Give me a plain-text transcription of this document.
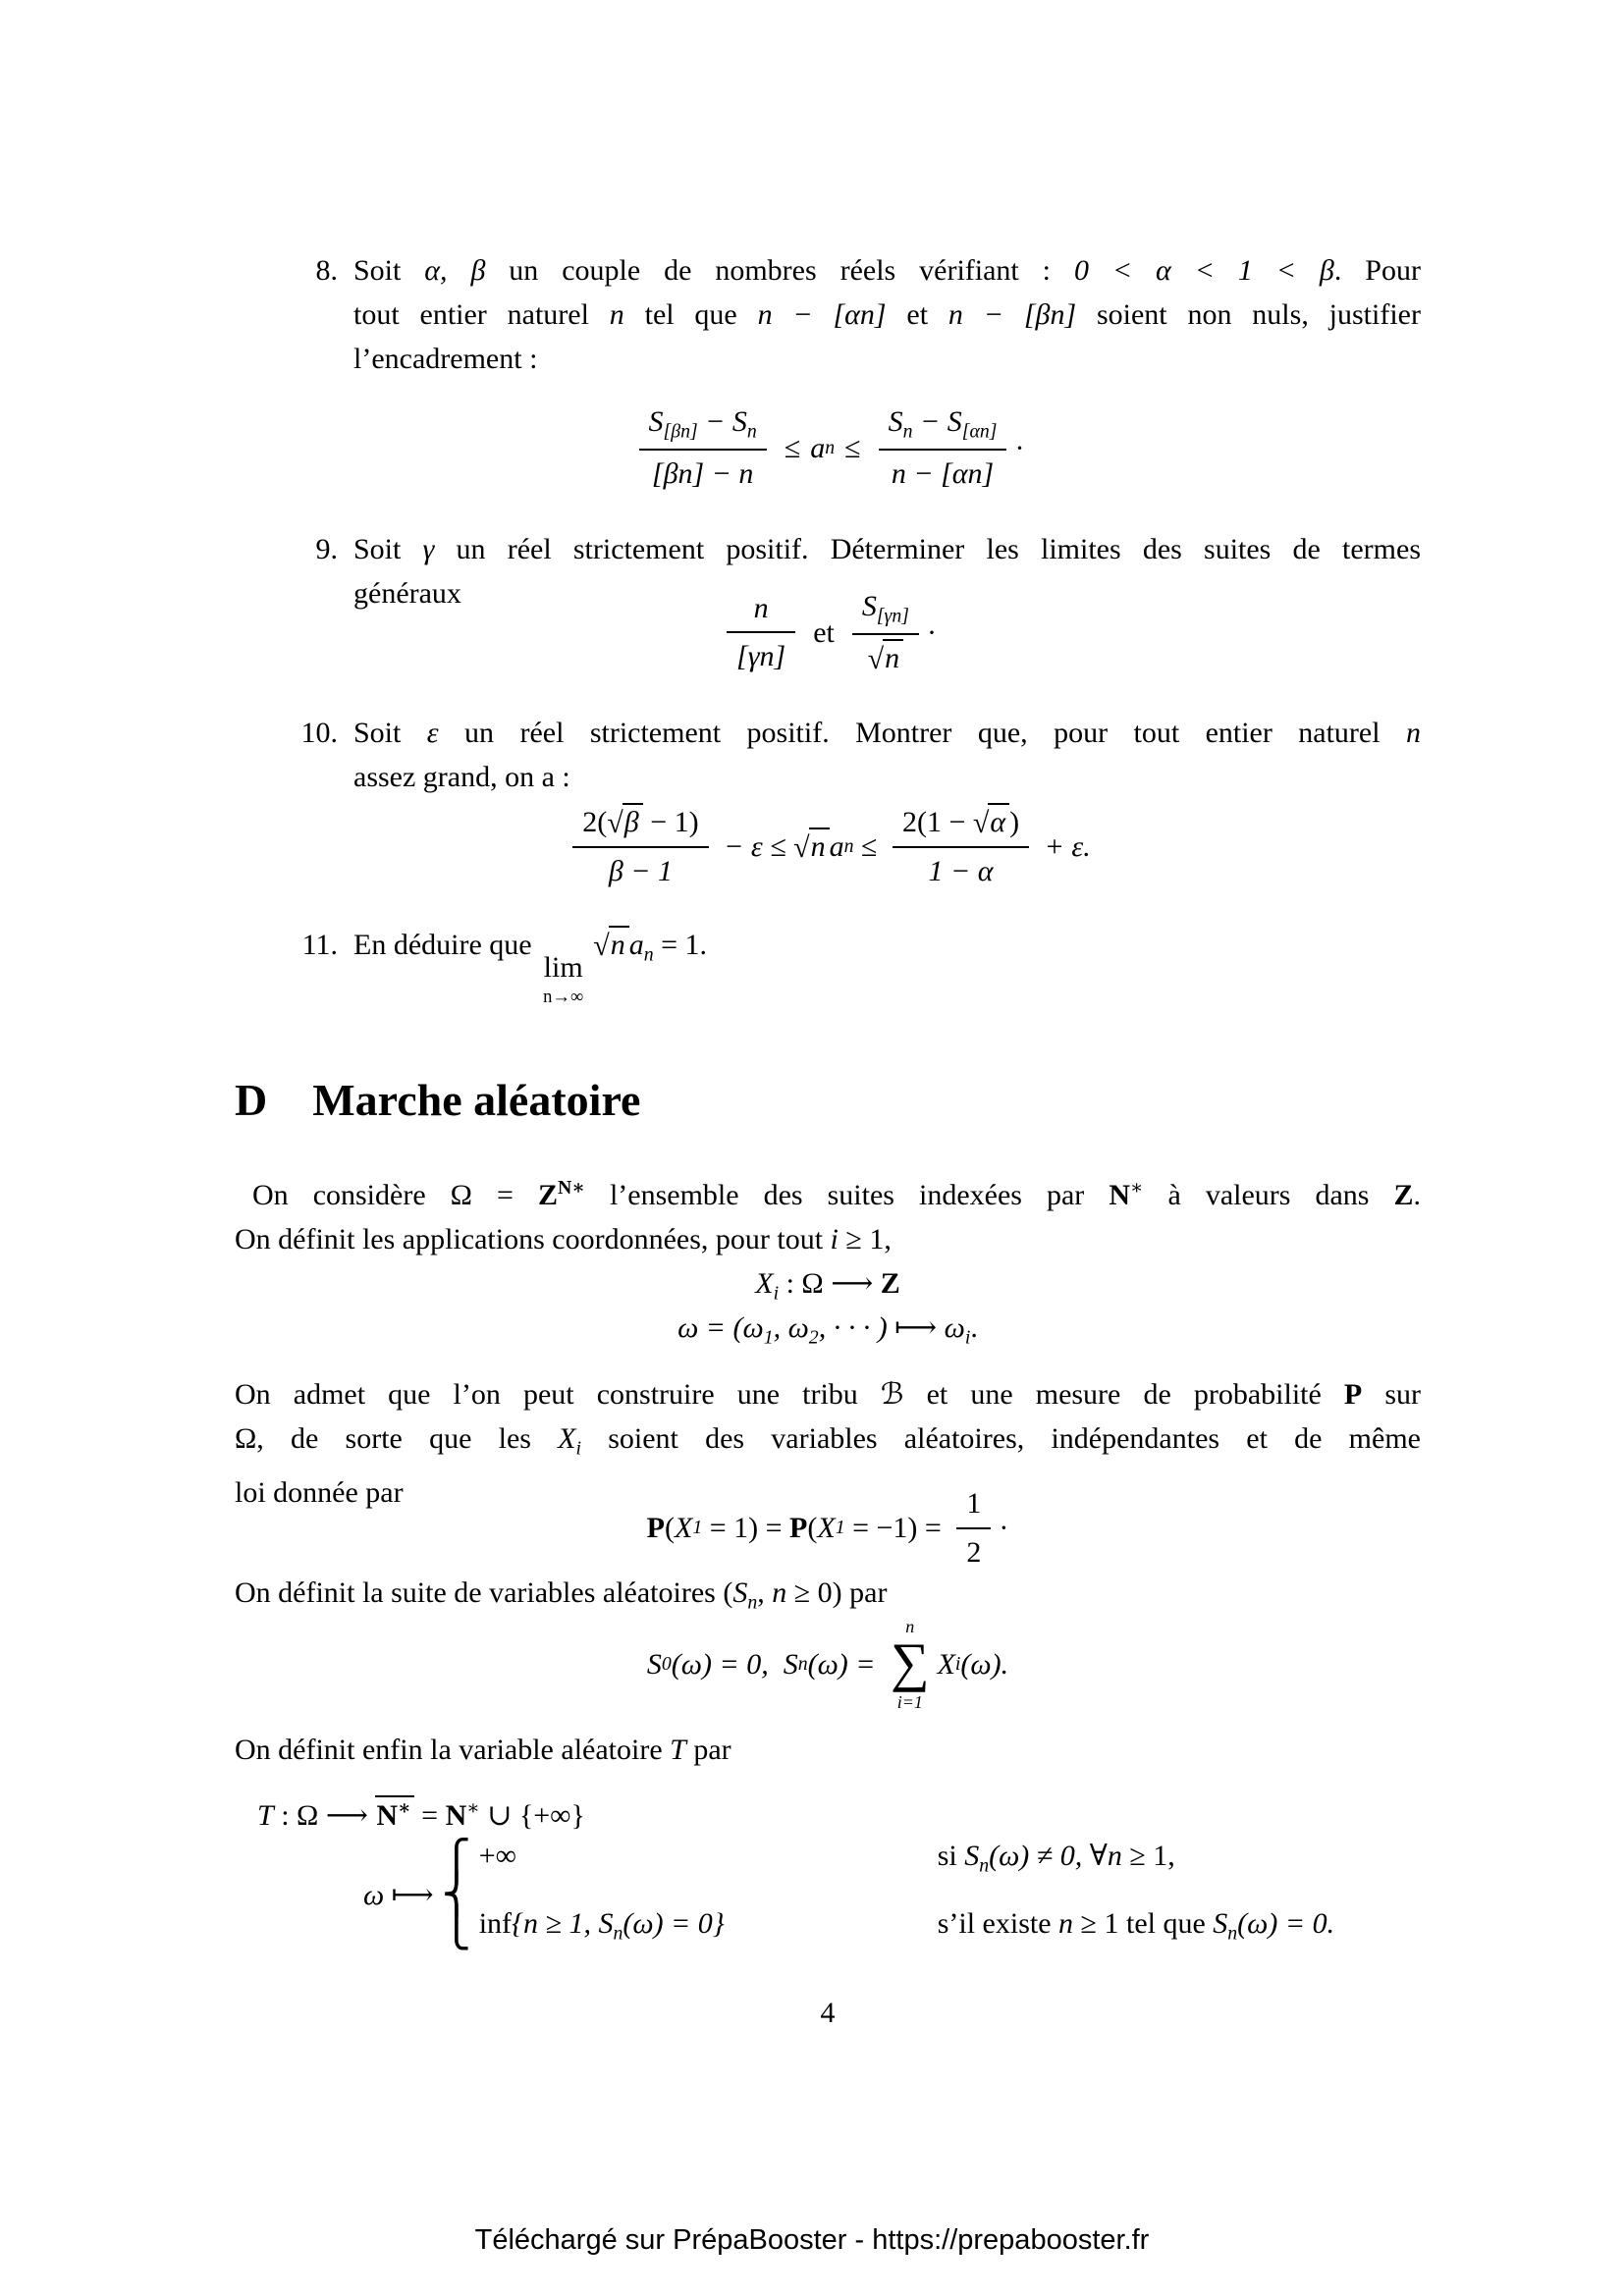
8. Soit α, β un couple de nombres réels vérifiant : 0 < α < 1 < β. Pour
tout entier naturel n tel que n − [αn] et n − [βn] soient non nuls, justifier
l’encadrement :
$\frac{S_{[\beta n]} - S_n}{[\beta n] - n}$ ≤ an ≤ $\frac{S_n - S_{[\alpha n]}}{n - [\alpha n]}$ ·
9. Soit γ un réel strictement positif. Déterminer les limites des suites de termes
généraux	$\frac{n}{[\gamma n]}$ et $\frac{S_{[\gamma n]}}{√n}$ ·
10. Soit ε un réel strictement positif. Montrer que, pour tout entier naturel n
assez grand, on a :
$\frac{2(√\beta - 1)}{\beta - 1} - \varepsilon \le √n$ an ≤ $\frac{2(1 - √\alpha )}{1 - \alpha} + \varepsilon$.
11. En déduire que
lim
n→∞
√n $a_n = 1$.
D Marche aléatoire
On considère $\Omega = Z^{N∗}$ l’ensemble des suites indexées par N∗ à valeurs dans Z.
On définit les applications coordonnées, pour tout i ≥ 1,
$X_i$ : Ω ⟶ Z
$\omega = (\omega_1$, $\omega_2$, · · · ) ⟼ $\omega_i$.
On admet que l’on peut construire une tribu ℬ et une mesure de probabilité P sur
Ω, de sorte que les $X_i$ soient des variables aléatoires, indépendantes et de même
loi donnée par
$P(X1 = 1) = P(X1 = -1) = \frac{1}{2}$ ·
On définit la suite de variables aléatoires ($S_n$, n ≥ 0) par
S0(ω) = 0,  Sn(ω) =
n
∑
i=1
Xi(ω).
On définit enfin la variable aléatoire T par
T : Ω ⟶ N∗ = N∗ ∪ {+∞}
ω ⟼
⎧
⎨
⎩
+∞	si $S_n(\omega) \ne 0$, ∀n ≥ 1,
inf{n ≥ 1, $S_n(\omega) = 0$}	s’il existe n ≥ 1 tel que $S_n(\omega) = 0$.
4
Téléchargé sur PrépaBooster - https://prepabooster.fr
